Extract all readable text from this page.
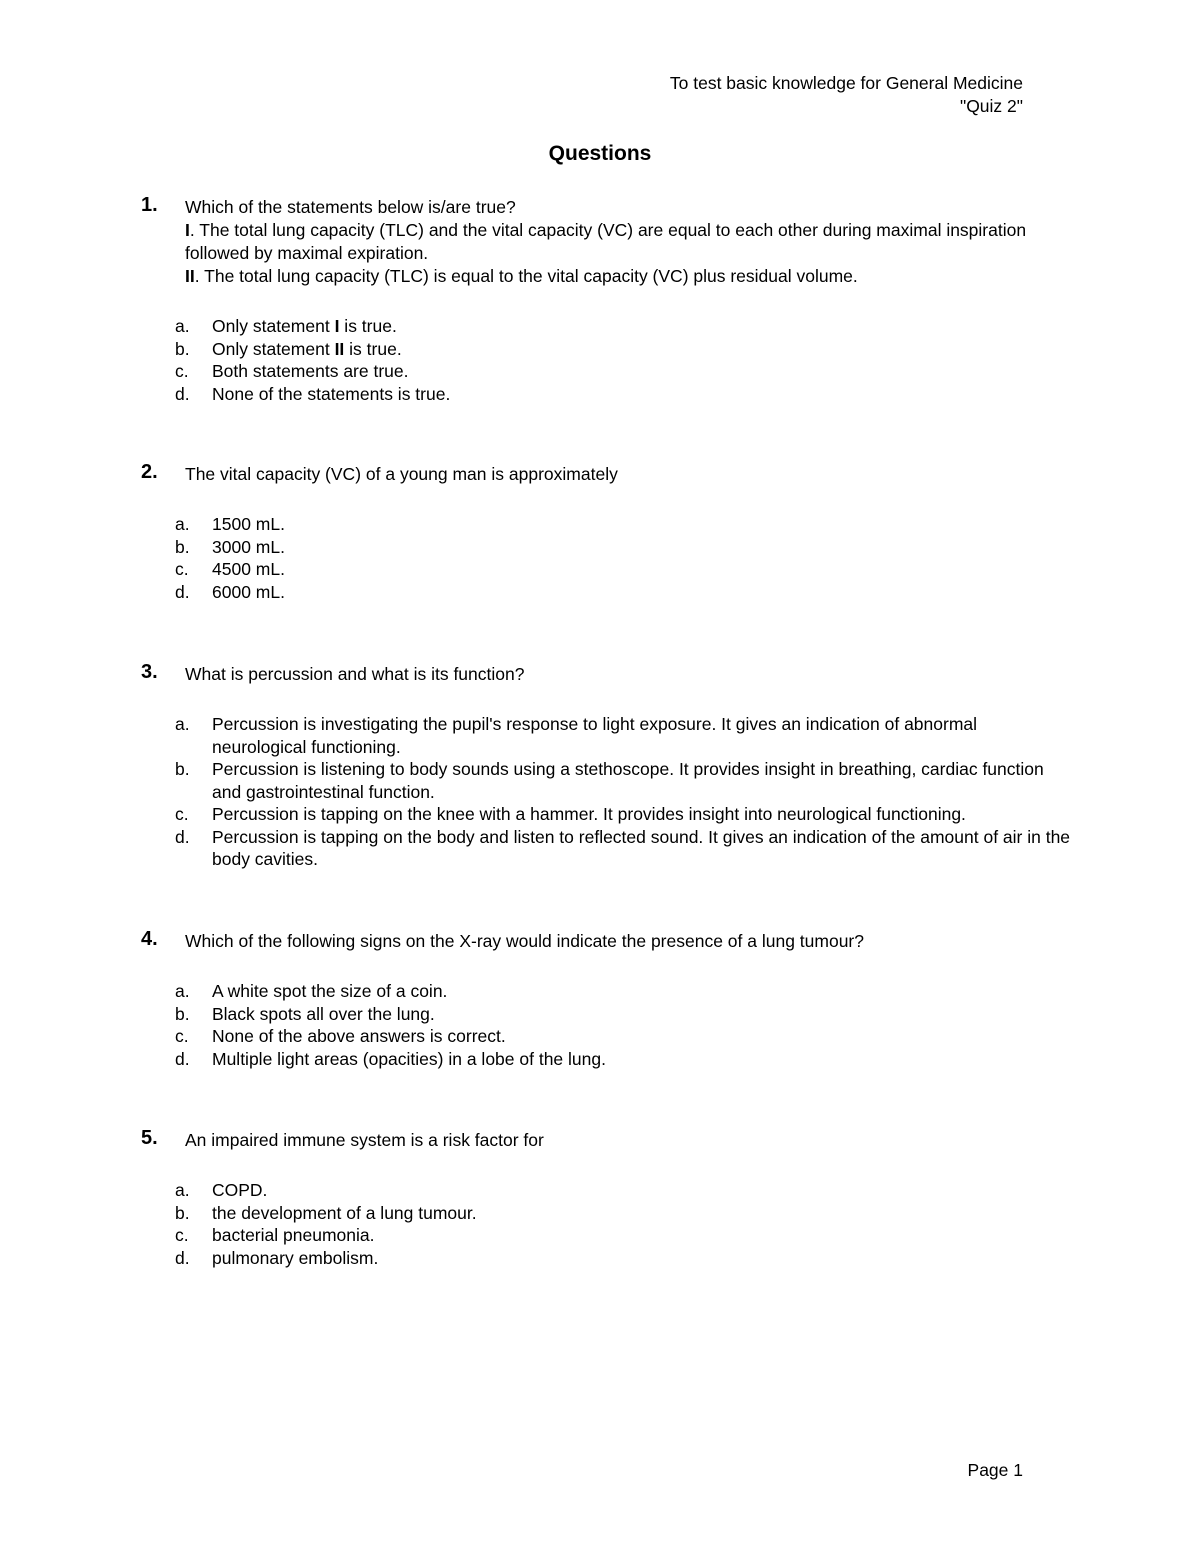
To test basic knowledge for General Medicine
"Quiz 2"
Questions
1. Which of the statements below is/are true?
I. The total lung capacity (TLC) and the vital capacity (VC) are equal to each other during maximal inspiration followed by maximal expiration.
II. The total lung capacity (TLC) is equal to the vital capacity (VC) plus residual volume.
a. Only statement I is true.
b. Only statement II is true.
c. Both statements are true.
d. None of the statements is true.
2. The vital capacity (VC) of a young man is approximately
a. 1500 mL.
b. 3000 mL.
c. 4500 mL.
d. 6000 mL.
3. What is percussion and what is its function?
a. Percussion is investigating the pupil's response to light exposure. It gives an indication of abnormal neurological functioning.
b. Percussion is listening to body sounds using a stethoscope. It provides insight in breathing, cardiac function and gastrointestinal function.
c. Percussion is tapping on the knee with a hammer. It provides insight into neurological functioning.
d. Percussion is tapping on the body and listen to reflected sound. It gives an indication of the amount of air in the body cavities.
4. Which of the following signs on the X-ray would indicate the presence of a lung tumour?
a. A white spot the size of a coin.
b. Black spots all over the lung.
c. None of the above answers is correct.
d. Multiple light areas (opacities) in a lobe of the lung.
5. An impaired immune system is a risk factor for
a. COPD.
b. the development of a lung tumour.
c. bacterial pneumonia.
d. pulmonary embolism.
Page 1
